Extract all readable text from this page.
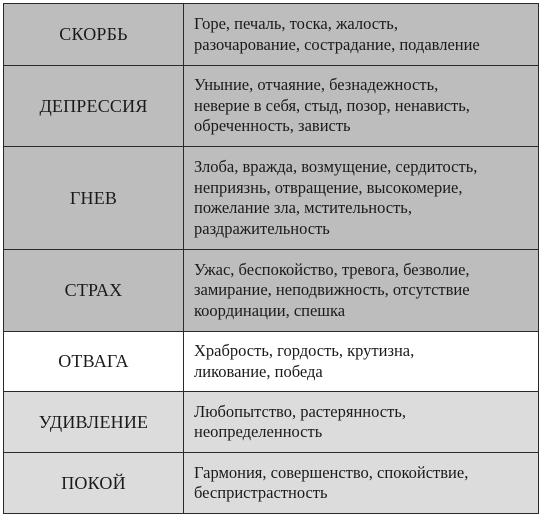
СКОРБЬ	Горе, печаль, тоска, жалость,
разочарование, сострадание, подавление

ДЕПРЕССИЯ	Уныние, отчаяние, безнадежность,
неверие в себя, стыд, позор, ненависть,
обреченность, зависть

ГНЕВ	Злоба, вражда, возмущение, сердитость,
неприязнь, отвращение, высокомерие,
пожелание зла, мстительность,
раздражительность

СТРАХ	Ужас, беспокойство, тревога, безволие,
замирание, неподвижность, отсутствие
координации, спешка

ОТВАГА	Храбрость, гордость, крутизна,
ликование, победа

УДИВЛЕНИЕ	Любопытство, растерянность,
неопределенность

ПОКОЙ	Гармония, совершенство, спокойствие,
беспристрастность
